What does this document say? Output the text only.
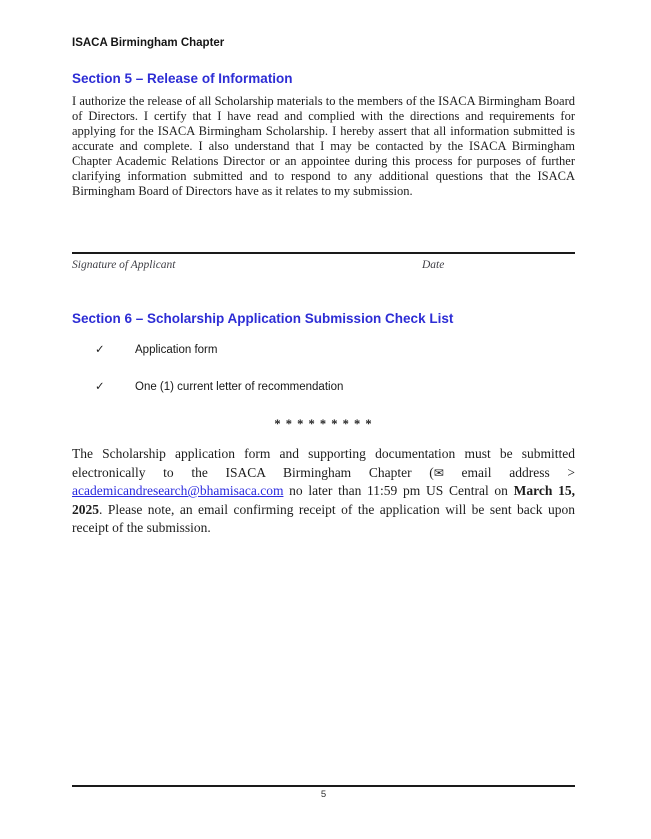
ISACA Birmingham Chapter
Section 5 – Release of Information
I authorize the release of all Scholarship materials to the members of the ISACA Birmingham Board of Directors. I certify that I have read and complied with the directions and requirements for applying for the ISACA Birmingham Scholarship. I hereby assert that all information submitted is accurate and complete. I also understand that I may be contacted by the ISACA Birmingham Chapter Academic Relations Director or an appointee during this process for purposes of further clarifying information submitted and to respond to any additional questions that the ISACA Birmingham Board of Directors have as it relates to my submission.
Signature of Applicant	Date
Section 6 – Scholarship Application Submission Check List
✓	Application form
✓	One (1) current letter of recommendation
* * * * * * * * *
The Scholarship application form and supporting documentation must be submitted electronically to the ISACA Birmingham Chapter (✉ email address > academicandresearch@bhamisaca.com no later than 11:59 pm US Central on March 15, 2025. Please note, an email confirming receipt of the application will be sent back upon receipt of the submission.
5
